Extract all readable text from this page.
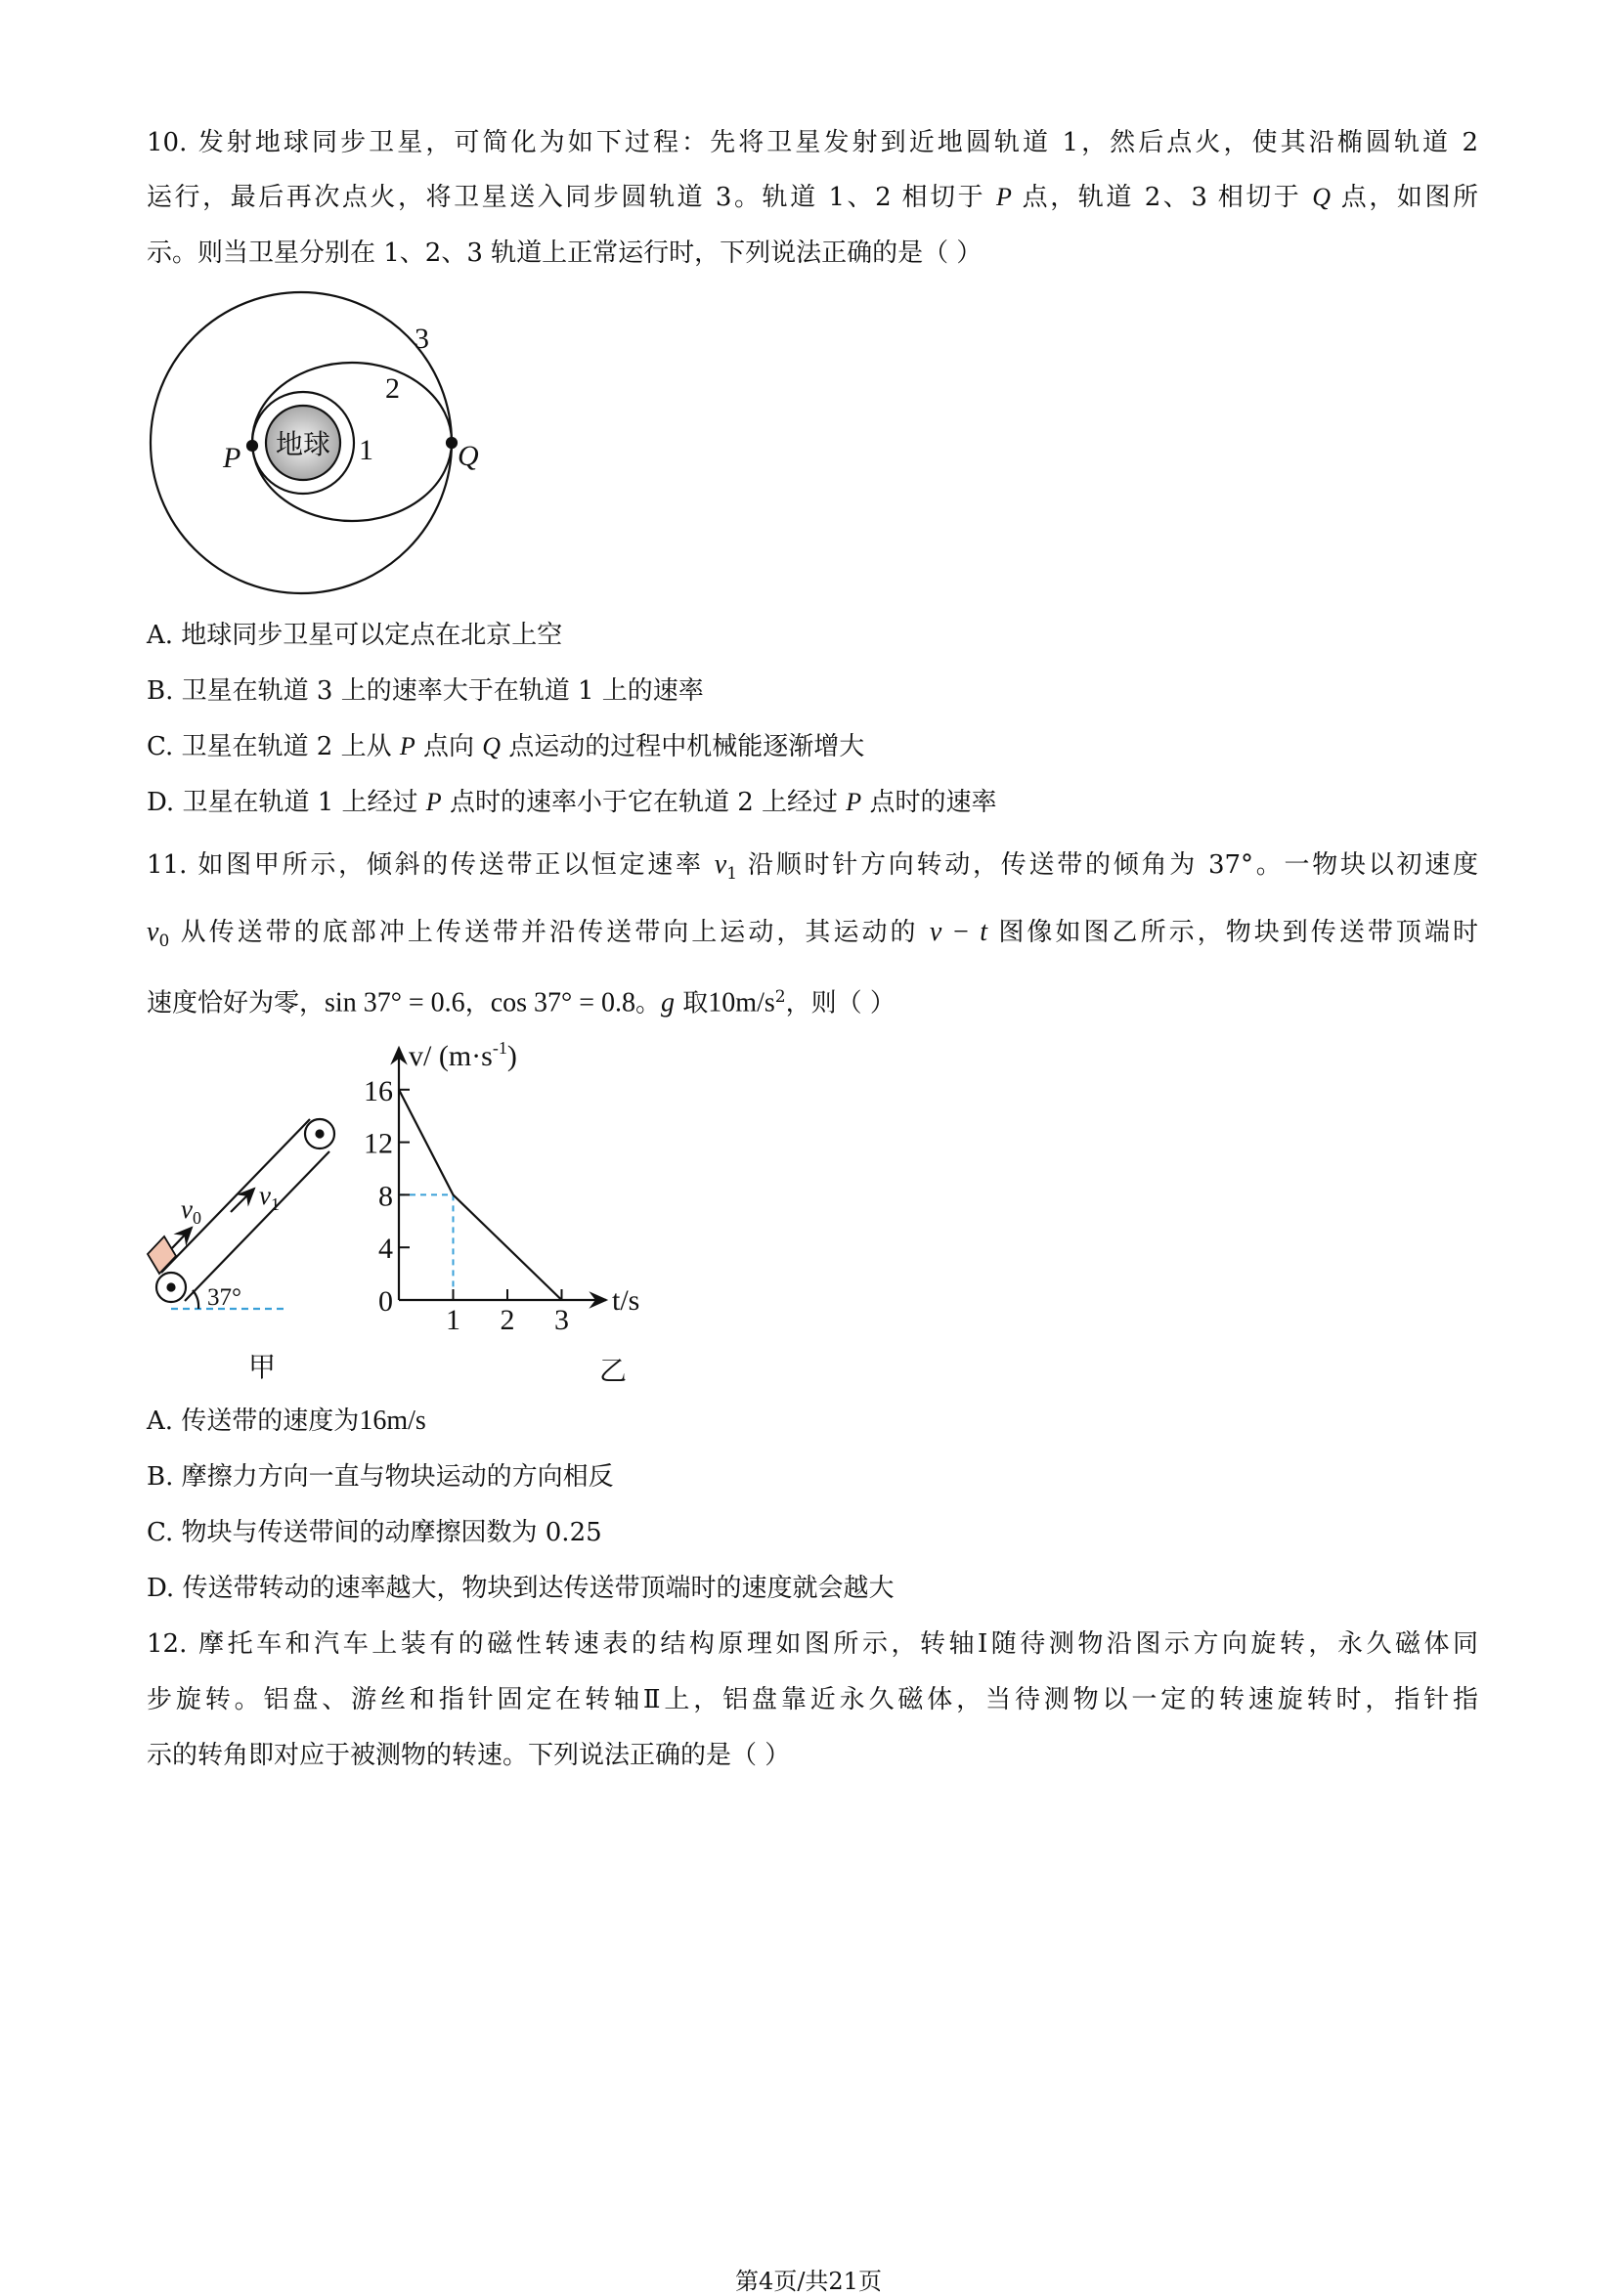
10. 发射地球同步卫星，可简化为如下过程：先将卫星发射到近地圆轨道 1，然后点火，使其沿椭圆轨道 2
运行，最后再次点火，将卫星送入同步圆轨道 3。轨道 1、2 相切于 P 点，轨道 2、3 相切于 Q 点，如图所
示。则当卫星分别在 1、2、3 轨道上正常运行时，下列说法正确的是（ ）
A. 地球同步卫星可以定点在北京上空
B. 卫星在轨道 3 上的速率大于在轨道 1 上的速率
C. 卫星在轨道 2 上从 P 点向 Q 点运动的过程中机械能逐渐增大
D. 卫星在轨道 1 上经过 P 点时的速率小于它在轨道 2 上经过 P 点时的速率
11. 如图甲所示，倾斜的传送带正以恒定速率 $v_1$ 沿顺时针方向转动，传送带的倾角为 37°。一物块以初速度
$v_0$ 从传送带的底部冲上传送带并沿传送带向上运动，其运动的 v − t 图像如图乙所示，物块到传送带顶端时
速度恰好为零，sin 37° = 0.6，cos 37° = 0.8。g 取$10m/s^2$，则（ ）
A. 传送带的速度为16m/s
B. 摩擦力方向一直与物块运动的方向相反
C. 物块与传送带间的动摩擦因数为 0.25
D. 传送带转动的速率越大，物块到达传送带顶端时的速度就会越大
12. 摩托车和汽车上装有的磁性转速表的结构原理如图所示，转轴Ⅰ随待测物沿图示方向旋转，永久磁体同
步旋转。铝盘、游丝和指针固定在转轴Ⅱ上，铝盘靠近永久磁体，当待测物以一定的转速旋转时，指针指
示的转角即对应于被测物的转速。下列说法正确的是（ ）
第4页/共21页
地球 1
2
3
P	Q
$v_0$
$v_1$
37°
甲	乙
16
12
8
4
0
1 2 3
v/ $(m\cdot s^{-1})$
t/s
